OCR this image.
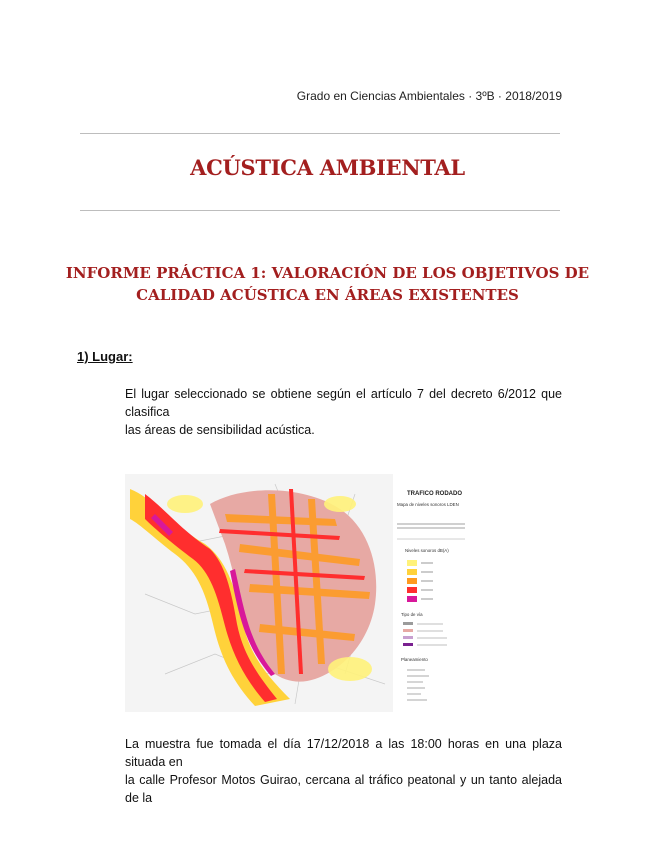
Grado en Ciencias Ambientales · 3ºB · 2018/2019
ACÚSTICA AMBIENTAL
INFORME PRÁCTICA 1: VALORACIÓN DE LOS OBJETIVOS DE
CALIDAD ACÚSTICA EN ÁREAS EXISTENTES
1) Lugar:
El lugar seleccionado se obtiene según el artículo 7 del decreto 6/2012 que clasifica
las áreas de sensibilidad acústica.
TRAFICO RODADO
Mapa de niveles sonoros LDEN
Niveles sonoros dB(A)
Tipo de vía
Planeamiento
La muestra fue tomada el día 17/12/2018 a las 18:00 horas en una plaza situada en
la calle Profesor Motos Guirao, cercana al tráfico peatonal y un tanto alejada de la
